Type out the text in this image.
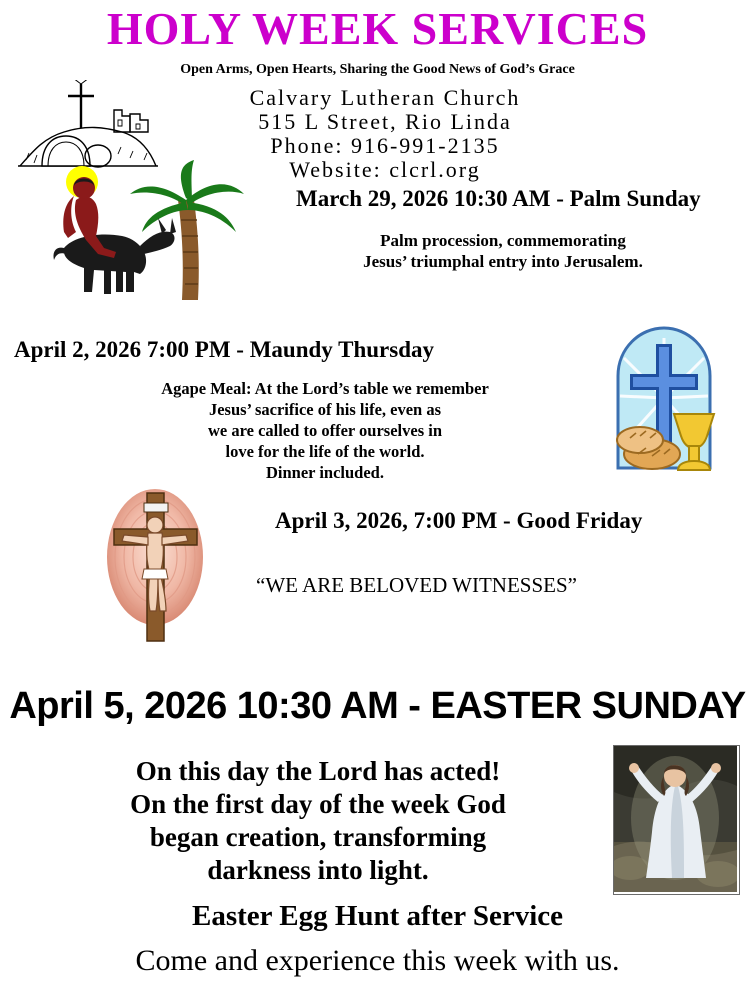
HOLY WEEK SERVICES
Open Arms, Open Hearts, Sharing the Good News of God’s Grace
Calvary Lutheran Church
515 L Street, Rio Linda
Phone: 916-991-2135
Website: clcrl.org
March 29, 2026 10:30 AM - Palm Sunday
Palm procession, commemorating
Jesus’ triumphal entry into Jerusalem.
April 2, 2026 7:00 PM - Maundy Thursday
Agape Meal: At the Lord’s table we remember
Jesus’ sacrifice of his life, even as
we are called to offer ourselves in
love for the life of the world.
Dinner included.
April 3, 2026, 7:00 PM - Good Friday
“WE ARE BELOVED WITNESSES”
April 5, 2026 10:30 AM - EASTER SUNDAY
On this day the Lord has acted!
On the first day of the week God
began creation, transforming
darkness into light.
Easter Egg Hunt after Service
Come and experience this week with us.
